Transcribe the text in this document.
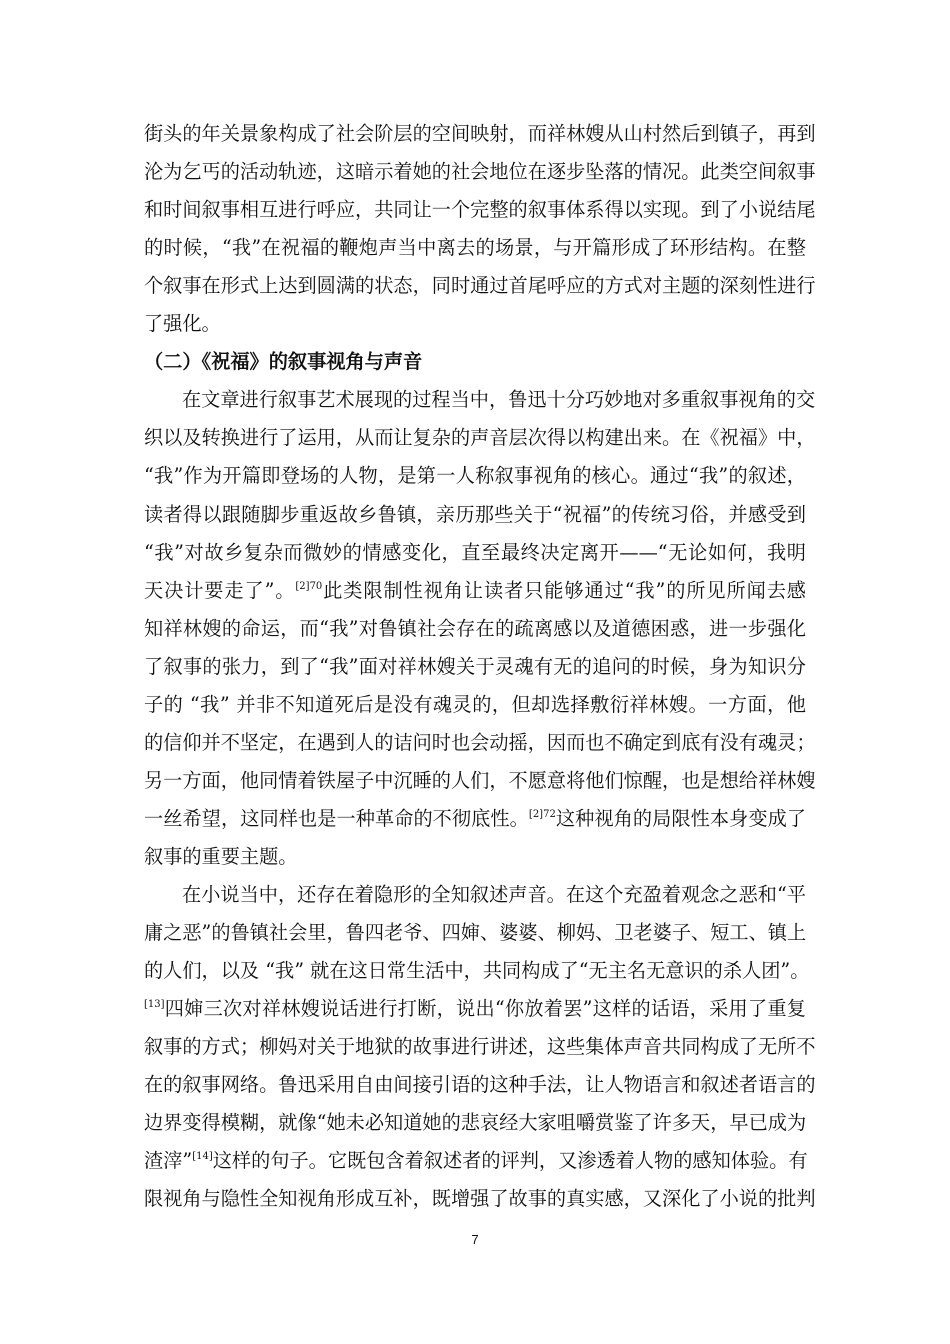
街头的年关景象构成了社会阶层的空间映射，而祥林嫂从山村然后到镇子，再到
沦为乞丐的活动轨迹，这暗示着她的社会地位在逐步坠落的情况。此类空间叙事
和时间叙事相互进行呼应，共同让一个完整的叙事体系得以实现。到了小说结尾
的时候，“我”在祝福的鞭炮声当中离去的场景，与开篇形成了环形结构。在整
个叙事在形式上达到圆满的状态，同时通过首尾呼应的方式对主题的深刻性进行
了强化。
（二）《祝福》的叙事视角与声音
在文章进行叙事艺术展现的过程当中，鲁迅十分巧妙地对多重叙事视角的交
织以及转换进行了运用，从而让复杂的声音层次得以构建出来。在《祝福》中，
“我”作为开篇即登场的人物，是第一人称叙事视角的核心。通过“我”的叙述，
读者得以跟随脚步重返故乡鲁镇，亲历那些关于“祝福”的传统习俗，并感受到
“我”对故乡复杂而微妙的情感变化，直至最终决定离开——“无论如何，我明
天决计要走了”。$^{[2]70}$此类限制性视角让读者只能够通过“我”的所见所闻去感
知祥林嫂的命运，而“我”对鲁镇社会存在的疏离感以及道德困惑，进一步强化
了叙事的张力，到了“我”面对祥林嫂关于灵魂有无的追问的时候，身为知识分
子的 “我” 并非不知道死后是没有魂灵的，但却选择敷衍祥林嫂。一方面，他
的信仰并不坚定，在遇到人的诘问时也会动摇，因而也不确定到底有没有魂灵；
另一方面，他同情着铁屋子中沉睡的人们，不愿意将他们惊醒，也是想给祥林嫂
一丝希望，这同样也是一种革命的不彻底性。$^{[2]72}$这种视角的局限性本身变成了
叙事的重要主题。
在小说当中，还存在着隐形的全知叙述声音。在这个充盈着观念之恶和“平
庸之恶”的鲁镇社会里，鲁四老爷、四婶、婆婆、柳妈、卫老婆子、短工、镇上
的人们，以及 “我” 就在这日常生活中，共同构成了“无主名无意识的杀人团”。
[13]四婶三次对祥林嫂说话进行打断，说出“你放着罢”这样的话语，采用了重复
叙事的方式；柳妈对关于地狱的故事进行讲述，这些集体声音共同构成了无所不
在的叙事网络。鲁迅采用自由间接引语的这种手法，让人物语言和叙述者语言的
边界变得模糊，就像“她未必知道她的悲哀经大家咀嚼赏鉴了许多天，早已成为
渣滓”[14]这样的句子。它既包含着叙述者的评判，又渗透着人物的感知体验。有
限视角与隐性全知视角形成互补，既增强了故事的真实感，又深化了小说的批判
7
